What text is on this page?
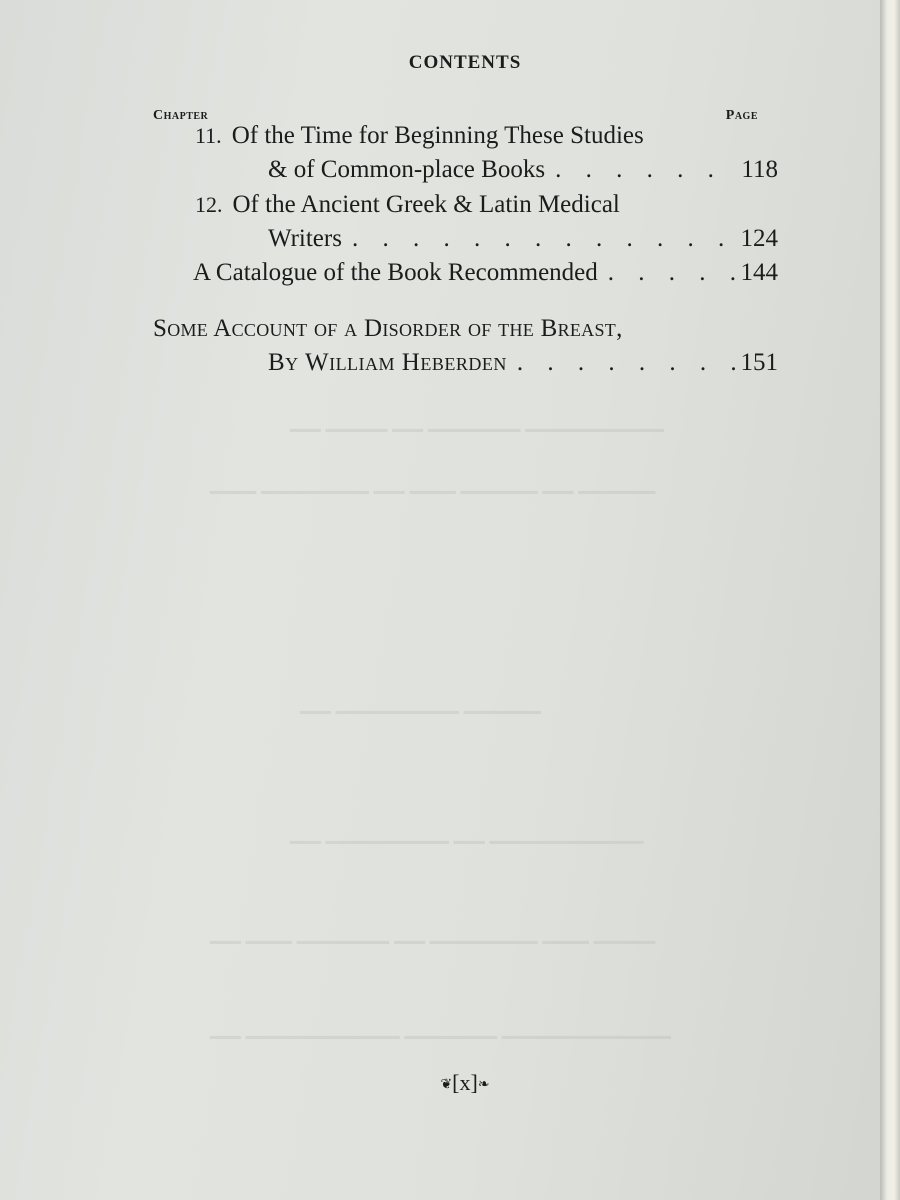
CONTENTS
Chapter	Page
11. Of the Time for Beginning These Studies
& of Common-place Books . . .	118
12. Of the Ancient Greek & Latin Medical
Writers . . .	124
A Catalogue of the Book Recommended . . .	144
Some Account of a Disorder of the Breast,
By William Heberden . . .	151
▁▁ ▁▁▁▁ ▁▁ ▁▁▁▁▁▁ ▁▁▁▁▁▁▁▁▁
▁▁▁ ▁▁▁▁▁▁▁ ▁▁ ▁▁▁ ▁▁▁▁▁ ▁▁ ▁▁▁▁▁
▁▁ ▁▁▁▁▁▁▁▁ ▁▁▁▁▁
▁▁ ▁▁▁▁▁▁▁▁ ▁▁ ▁▁▁▁▁▁▁▁▁▁
▁▁ ▁▁▁ ▁▁▁▁▁▁ ▁▁ ▁▁▁▁▁▁▁ ▁▁▁ ▁▁▁▁
▁▁ ▁▁▁▁▁▁▁▁▁▁ ▁▁▁▁▁▁ ▁▁▁▁▁▁▁▁▁▁▁
❦[x]❧
